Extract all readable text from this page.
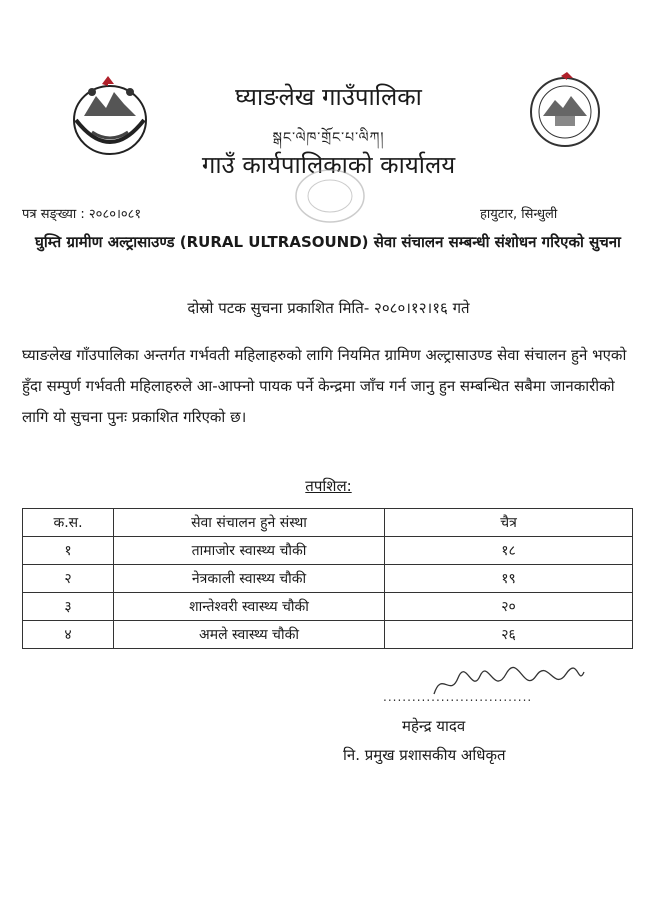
घ्याङलेख गाउँपालिका
སྒང་ལེཁ་གྲོང་པ་ལིཀ།
गाउँ कार्यपालिकाको कार्यालय
पत्र सङ्ख्या : २०८०।०८१	हायुटार, सिन्धुली
घुम्ति ग्रामीण अल्ट्रासाउण्ड (RURAL ULTRASOUND) सेवा संचालन सम्बन्धी संशोधन गरिएको सुचना
दोस्रो पटक सुचना प्रकाशित मिति- २०८०।१२।१६ गते
घ्याङलेख गाँउपालिका अन्तर्गत गर्भवती महिलाहरुको लागि नियमित ग्रामिण अल्ट्रासाउण्ड सेवा संचालन हुने भएको हुँदा सम्पुर्ण गर्भवती महिलाहरुले आ-आफ्नो पायक पर्ने केन्द्रमा जाँच गर्न जानु हुन सम्बन्धित सबैमा जानकारीको लागि यो सुचना पुनः प्रकाशित गरिएको छ।
तपशिल:
क.स.	सेवा संचालन हुने संस्था	चैत्र
१	तामाजोर स्वास्थ्य चौकी	१८
२	नेत्रकाली स्वास्थ्य चौकी	१९
३	शान्तेश्वरी स्वास्थ्य चौकी	२०
४	अमले स्वास्थ्य चौकी	२६
...............................
महेन्द्र यादव
नि. प्रमुख प्रशासकीय अधिकृत
